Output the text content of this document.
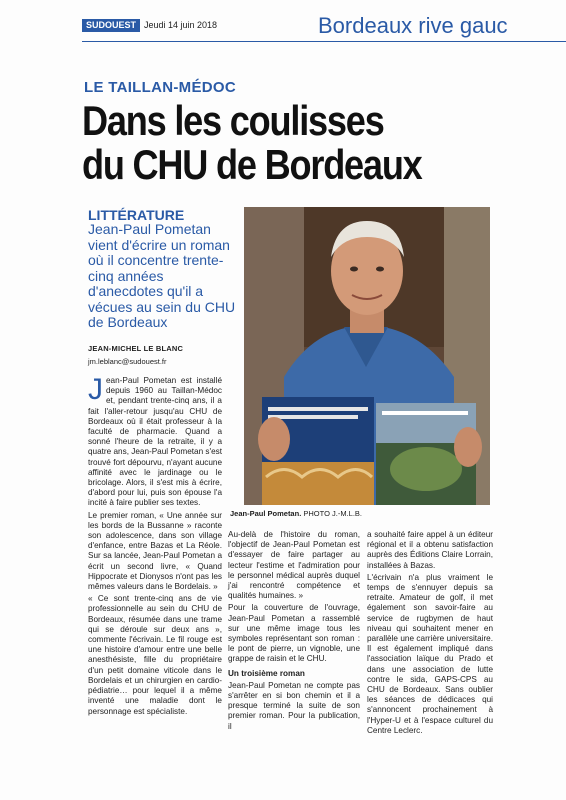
SUDOUEST Jeudi 14 juin 2018	Bordeaux rive gauc
LE TAILLAN-MÉDOC
Dans les coulisses
du CHU de Bordeaux
LITTÉRATURE
Jean-Paul Pometan vient d'écrire un roman où il concentre trente-cinq années d'anecdotes qu'il a vécues au sein du CHU de Bordeaux
JEAN-MICHEL LE BLANC
jm.leblanc@sudouest.fr
Jean-Paul Pometan. PHOTO J.-M.L.B.

Jean-Paul Pometan est installé depuis 1960 au Taillan-Médoc et, pendant trente-cinq ans, il a fait l'aller-retour jusqu'au CHU de Bordeaux où il était professeur à la faculté de pharmacie. Quand a sonné l'heure de la retraite, il y a quatre ans, Jean-Paul Pometan s'est trouvé fort dépourvu, n'ayant aucune affinité avec le jardinage ou le bricolage. Alors, il s'est mis à écrire, d'abord pour lui, puis son épouse l'a incité à faire publier ses textes.

Le premier roman, « Une année sur les bords de la Bussanne » raconte son adolescence, dans son village d'enfance, entre Bazas et La Réole. Sur sa lancée, Jean-Paul Pometan a écrit un second livre, « Quand Hippocrate et Dionysos n'ont pas les mêmes valeurs dans le Bordelais. »

« Ce sont trente-cinq ans de vie professionnelle au sein du CHU de Bordeaux, résumée dans une trame qui se déroule sur deux ans », commente l'écrivain. Le fil rouge est une histoire d'amour entre une belle anesthésiste, fille du propriétaire d'un petit domaine viticole dans le Bordelais et un chirurgien en cardio-pédiatrie… pour lequel il a même inventé une maladie dont le personnage est spécialiste.

Au-delà de l'histoire du roman, l'objectif de Jean-Paul Pometan est d'essayer de faire partager au lecteur l'estime et l'admiration pour le personnel médical auprès duquel j'ai rencontré compétence et qualités humaines. »

Pour la couverture de l'ouvrage, Jean-Paul Pometan a rassemblé sur une même image tous les symboles représentant son roman : le pont de pierre, un vignoble, une grappe de raisin et le CHU.

Un troisième roman

Jean-Paul Pometan ne compte pas s'arrêter en si bon chemin et il a presque terminé la suite de son premier roman. Pour la publication, il

a souhaité faire appel à un éditeur régional et il a obtenu satisfaction auprès des Éditions Claire Lorrain, installées à Bazas.

L'écrivain n'a plus vraiment le temps de s'ennuyer depuis sa retraite. Amateur de golf, il met également son savoir-faire au service de rugbymen de haut niveau qui souhaitent mener en parallèle une carrière universitaire. Il est également impliqué dans l'association laïque du Prado et dans une association de lutte contre le sida, GAPS-CPS au CHU de Bordeaux. Sans oublier les séances de dédicaces qui s'annoncent prochainement à l'Hyper-U et à l'espace culturel du Centre Leclerc.
